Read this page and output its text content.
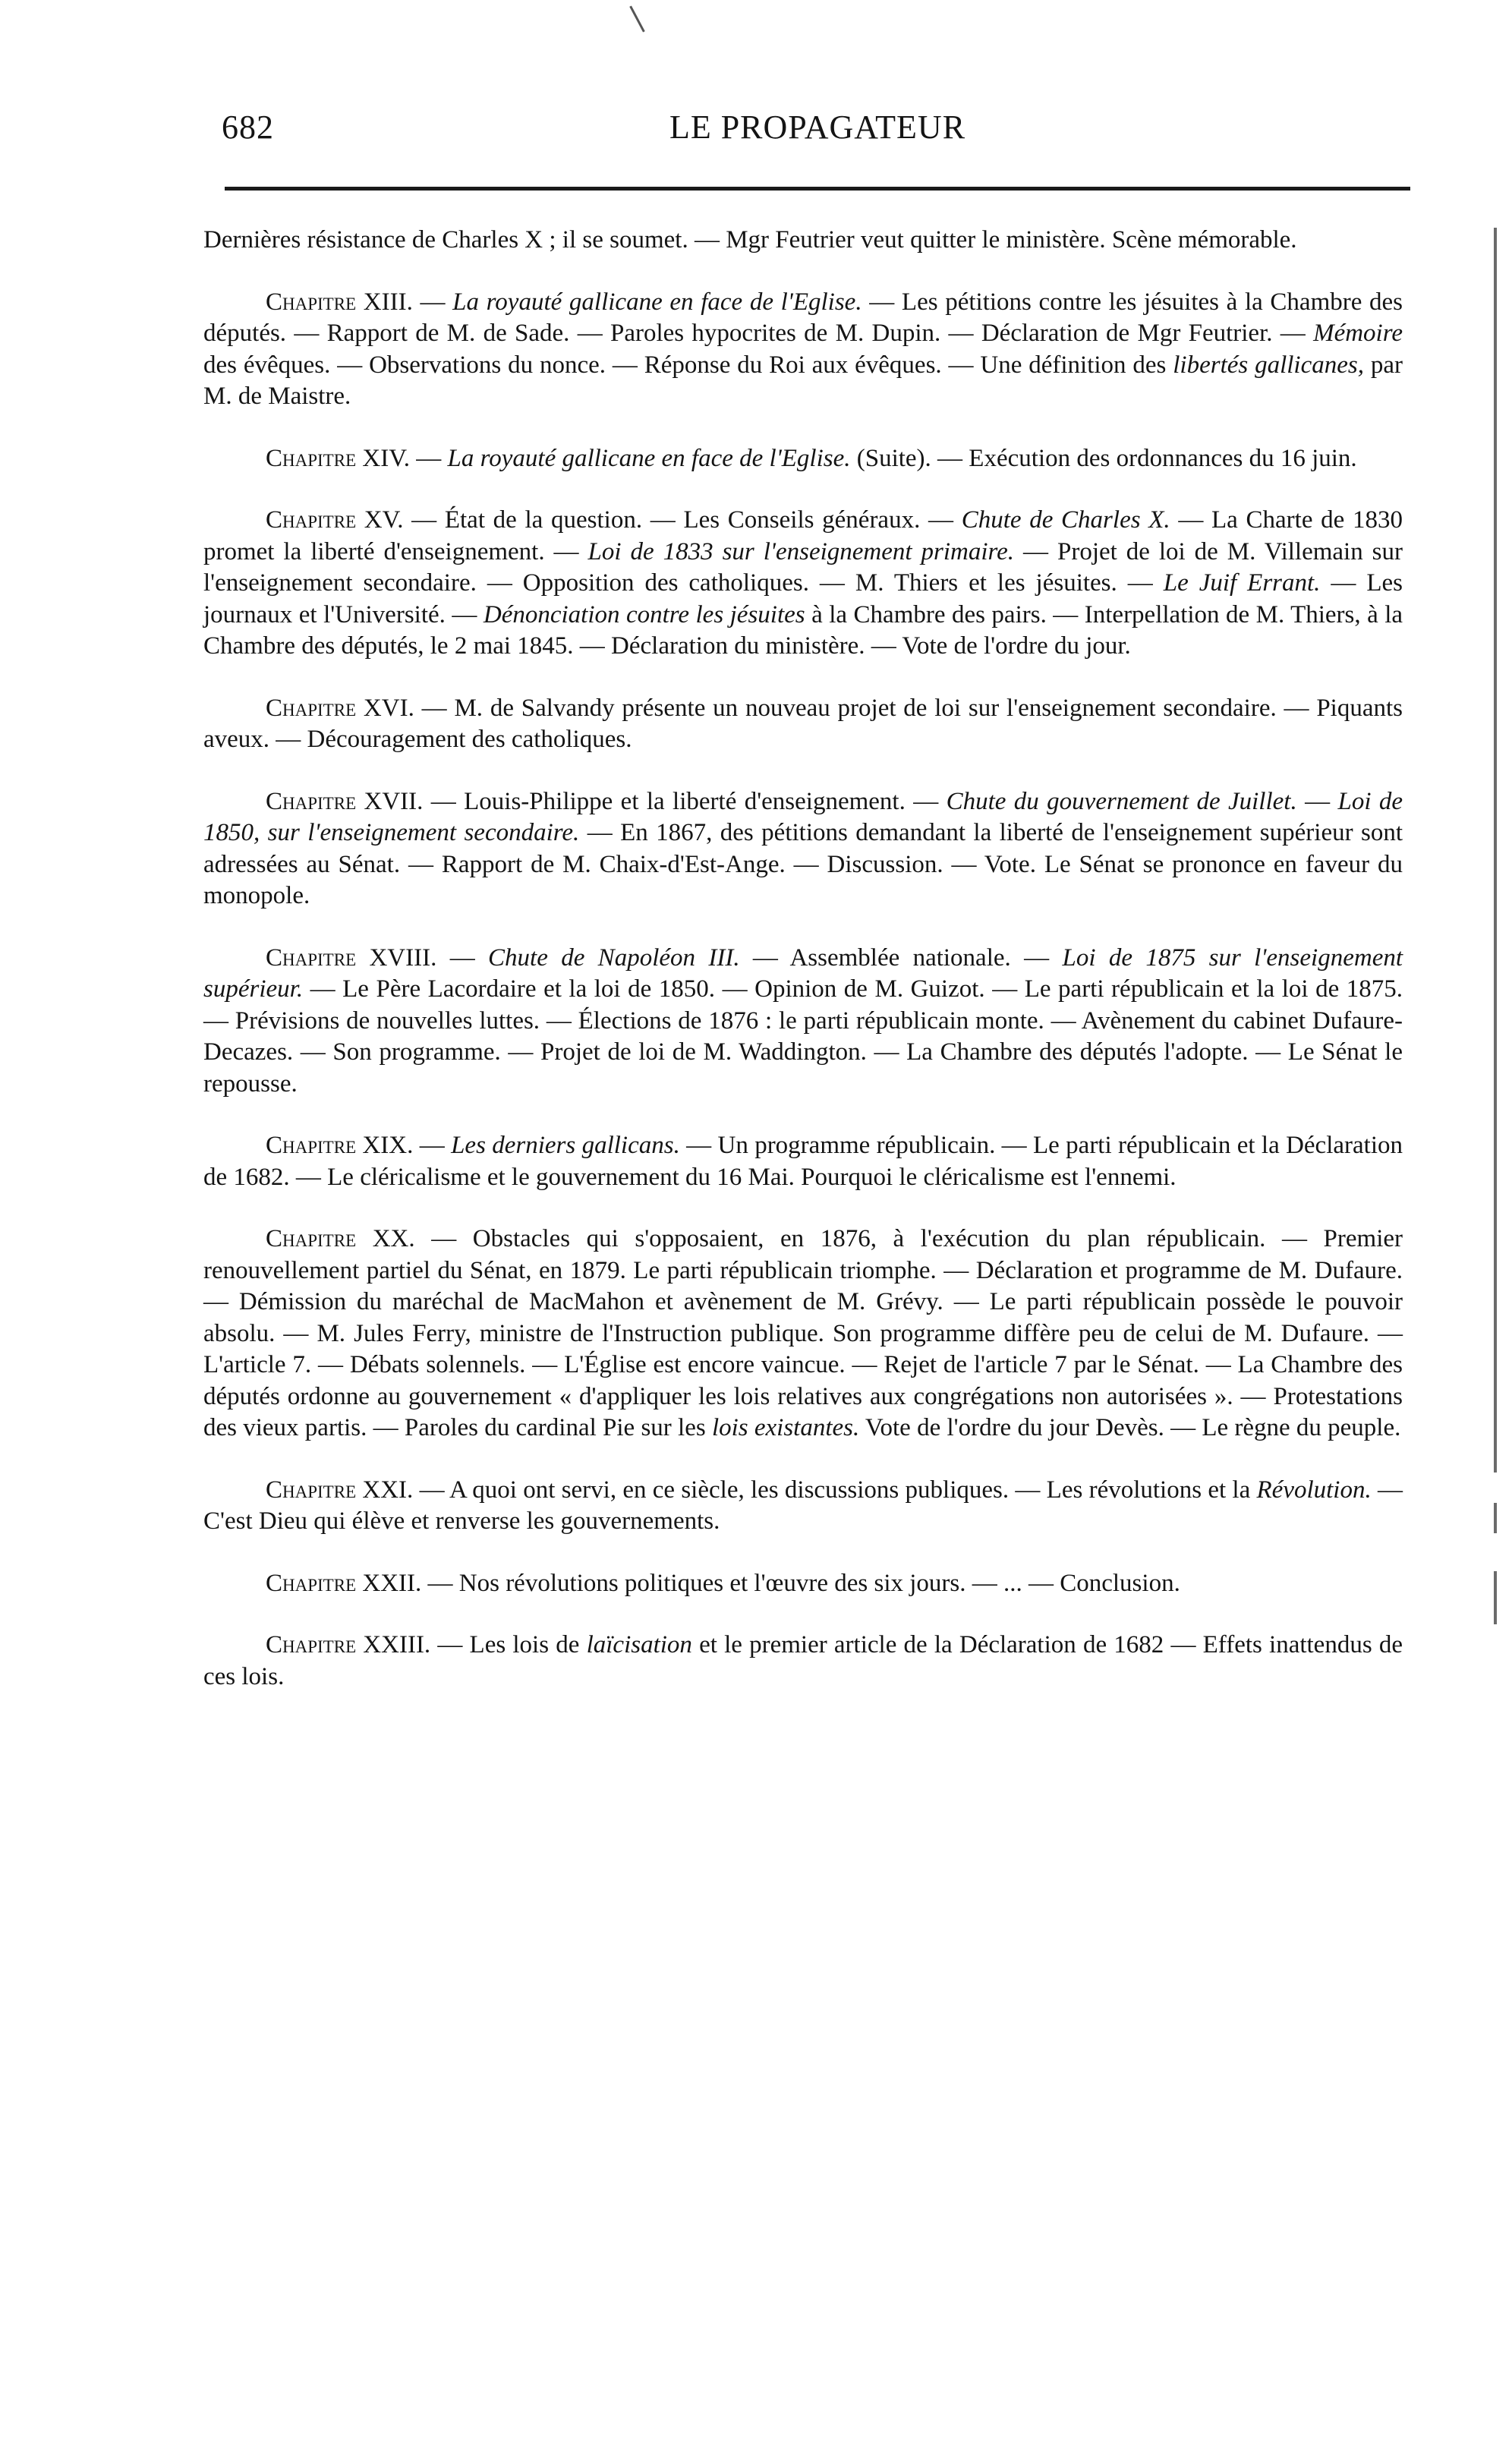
682	LE PROPAGATEUR

Dernières résistance de Charles X ; il se soumet. — Mgr Feutrier veut quitter le ministère. Scène mémorable.

Chapitre XIII. — La royauté gallicane en face de l'Eglise. — Les pétitions contre les jésuites à la Chambre des députés. — Rapport de M. de Sade. — Paroles hypocrites de M. Dupin. — Déclaration de Mgr Feutrier. — Mémoire des évêques. — Observations du nonce. — Réponse du Roi aux évêques. — Une définition des libertés gallicanes, par M. de Maistre.

Chapitre XIV. — La royauté gallicane en face de l'Eglise. (Suite). — Exécution des ordonnances du 16 juin.

Chapitre XV. — État de la question. — Les Conseils généraux. — Chute de Charles X. — La Charte de 1830 promet la liberté d'enseignement. — Loi de 1833 sur l'enseignement primaire. — Projet de loi de M. Villemain sur l'enseignement secondaire. — Opposition des catholiques. — M. Thiers et les jésuites. — Le Juif Errant. — Les journaux et l'Université. — Dénonciation contre les jésuites à la Chambre des pairs. — Interpellation de M. Thiers, à la Chambre des députés, le 2 mai 1845. — Déclaration du ministère. — Vote de l'ordre du jour.

Chapitre XVI. — M. de Salvandy présente un nouveau projet de loi sur l'enseignement secondaire. — Piquants aveux. — Découragement des catholiques.

Chapitre XVII. — Louis-Philippe et la liberté d'enseignement. — Chute du gouvernement de Juillet. — Loi de 1850, sur l'enseignement secondaire. — En 1867, des pétitions demandant la liberté de l'enseignement supérieur sont adressées au Sénat. — Rapport de M. Chaix-d'Est-Ange. — Discussion. — Vote. Le Sénat se prononce en faveur du monopole.

Chapitre XVIII. — Chute de Napoléon III. — Assemblée nationale. — Loi de 1875 sur l'enseignement supérieur. — Le Père Lacordaire et la loi de 1850. — Opinion de M. Guizot. — Le parti républicain et la loi de 1875. — Prévisions de nouvelles luttes. — Élections de 1876 : le parti républicain monte. — Avènement du cabinet Dufaure-Decazes. — Son programme. — Projet de loi de M. Waddington. — La Chambre des députés l'adopte. — Le Sénat le repousse.

Chapitre XIX. — Les derniers gallicans. — Un programme républicain. — Le parti républicain et la Déclaration de 1682. — Le cléricalisme et le gouvernement du 16 Mai. Pourquoi le cléricalisme est l'ennemi.

Chapitre XX. — Obstacles qui s'opposaient, en 1876, à l'exécution du plan républicain. — Premier renouvellement partiel du Sénat, en 1879. Le parti républicain triomphe. — Déclaration et programme de M. Dufaure. — Démission du maréchal de MacMahon et avènement de M. Grévy. — Le parti républicain possède le pouvoir absolu. — M. Jules Ferry, ministre de l'Instruction publique. Son programme diffère peu de celui de M. Dufaure. — L'article 7. — Débats solennels. — L'Église est encore vaincue. — Rejet de l'article 7 par le Sénat. — La Chambre des députés ordonne au gouvernement « d'appliquer les lois relatives aux congrégations non autorisées ». — Protestations des vieux partis. — Paroles du cardinal Pie sur les lois existantes. Vote de l'ordre du jour Devès. — Le règne du peuple.

Chapitre XXI. — A quoi ont servi, en ce siècle, les discussions publiques. — Les révolutions et la Révolution. — C'est Dieu qui élève et renverse les gouvernements.

Chapitre XXII. — Nos révolutions politiques et l'œuvre des six jours. — ... — Conclusion.

Chapitre XXIII. — Les lois de laïcisation et le premier article de la Déclaration de 1682 — Effets inattendus de ces lois.
